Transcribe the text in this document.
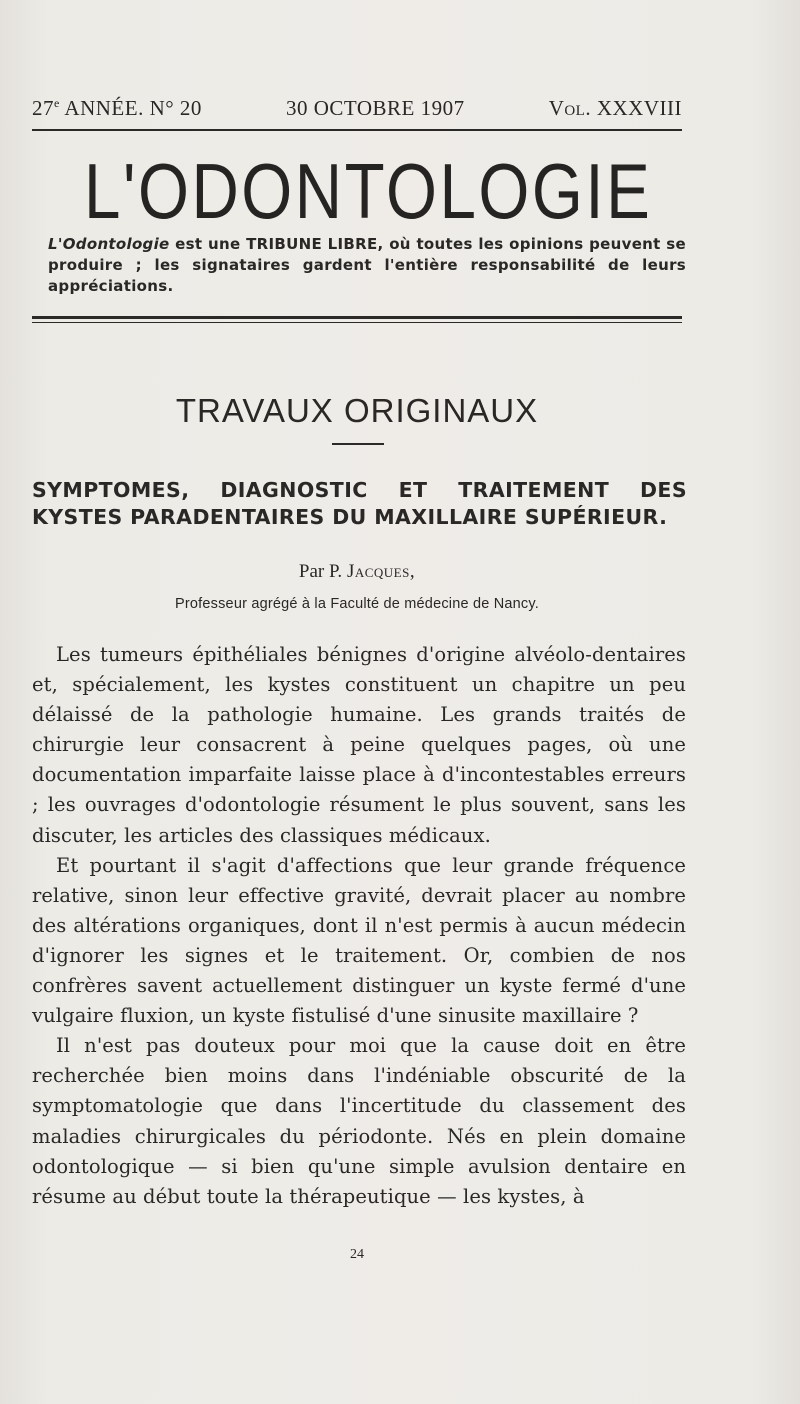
27e ANNÉE. N° 20	30 OCTOBRE 1907	Vol. XXXVIII
L'ODONTOLOGIE
L'Odontologie est une TRIBUNE LIBRE, où toutes les opinions peuvent se produire ; les signataires gardent l'entière responsabilité de leurs appréciations.
TRAVAUX ORIGINAUX
SYMPTOMES, DIAGNOSTIC ET TRAITEMENT DES KYSTES PARADENTAIRES DU MAXILLAIRE SUPÉRIEUR.
Par P. Jacques,
Professeur agrégé à la Faculté de médecine de Nancy.

Les tumeurs épithéliales bénignes d'origine alvéolo-dentaires et, spécialement, les kystes constituent un chapitre un peu délaissé de la pathologie humaine. Les grands traités de chirurgie leur consacrent à peine quelques pages, où une documentation imparfaite laisse place à d'incontestables erreurs ; les ouvrages d'odontologie résument le plus souvent, sans les discuter, les articles des classiques médicaux.

Et pourtant il s'agit d'affections que leur grande fréquence relative, sinon leur effective gravité, devrait placer au nombre des altérations organiques, dont il n'est permis à aucun médecin d'ignorer les signes et le traitement. Or, combien de nos confrères savent actuellement distinguer un kyste fermé d'une vulgaire fluxion, un kyste fistulisé d'une sinusite maxillaire ?

Il n'est pas douteux pour moi que la cause doit en être recherchée bien moins dans l'indéniable obscurité de la symptomatologie que dans l'incertitude du classement des maladies chirurgicales du périodonte. Nés en plein domaine odontologique — si bien qu'une simple avulsion dentaire en résume au début toute la thérapeutique — les kystes, à

24
